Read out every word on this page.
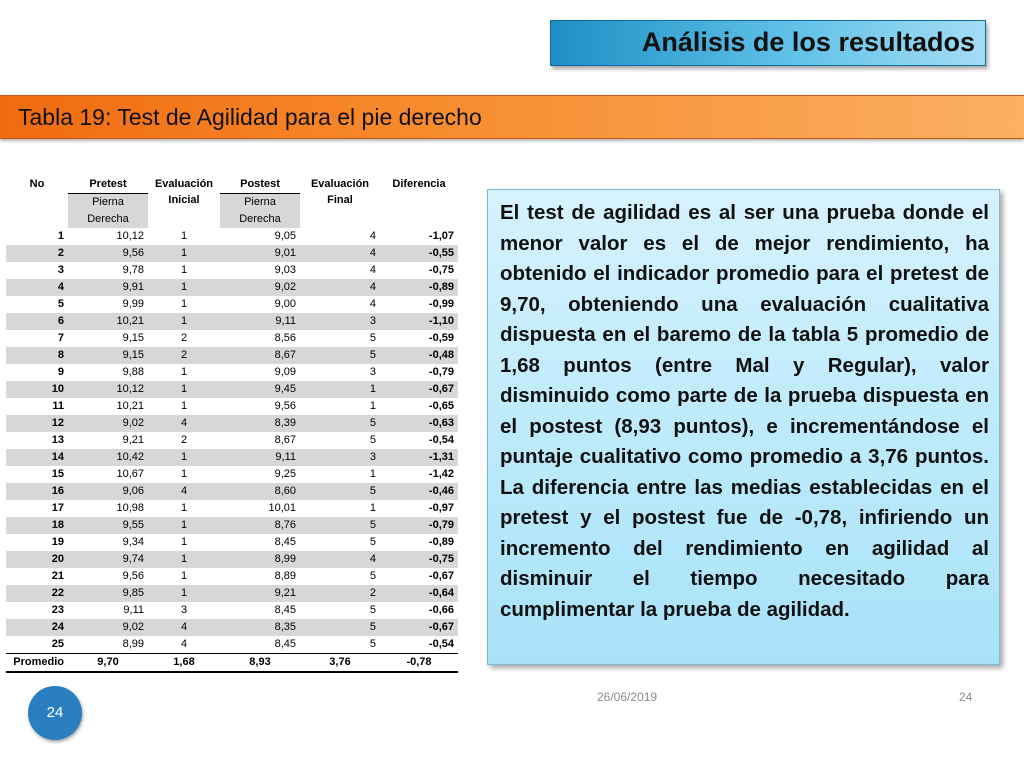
Análisis de los resultados
Tabla 19: Test de Agilidad para el pie derecho
No	Pretest	Evaluación Inicial	Postest	Evaluación Final	Diferencia
	Pierna Derecha		Pierna Derecha		
1	10,12	1	9,05	4	-1,07
2	9,56	1	9,01	4	-0,55
3	9,78	1	9,03	4	-0,75
4	9,91	1	9,02	4	-0,89
5	9,99	1	9,00	4	-0,99
6	10,21	1	9,11	3	-1,10
7	9,15	2	8,56	5	-0,59
8	9,15	2	8,67	5	-0,48
9	9,88	1	9,09	3	-0,79
10	10,12	1	9,45	1	-0,67
11	10,21	1	9,56	1	-0,65
12	9,02	4	8,39	5	-0,63
13	9,21	2	8,67	5	-0,54
14	10,42	1	9,11	3	-1,31
15	10,67	1	9,25	1	-1,42
16	9,06	4	8,60	5	-0,46
17	10,98	1	10,01	1	-0,97
18	9,55	1	8,76	5	-0,79
19	9,34	1	8,45	5	-0,89
20	9,74	1	8,99	4	-0,75
21	9,56	1	8,89	5	-0,67
22	9,85	1	9,21	2	-0,64
23	9,11	3	8,45	5	-0,66
24	9,02	4	8,35	5	-0,67
25	8,99	4	8,45	5	-0,54
Promedio	9,70	1,68	8,93	3,76	-0,78

El test de agilidad es al ser una prueba donde el menor valor es el de mejor rendimiento, ha obtenido el indicador promedio para el pretest de 9,70, obteniendo una evaluación cualitativa dispuesta en el baremo de la tabla 5 promedio de 1,68 puntos (entre Mal y Regular), valor disminuido como parte de la prueba dispuesta en el postest (8,93 puntos), e incrementándose el puntaje cualitativo como promedio a 3,76 puntos. La diferencia entre las medias establecidas en el pretest y el postest fue de -0,78, infiriendo un incremento del rendimiento en agilidad al disminuir el tiempo necesitado para cumplimentar la prueba de agilidad.

24
26/06/2019	24
